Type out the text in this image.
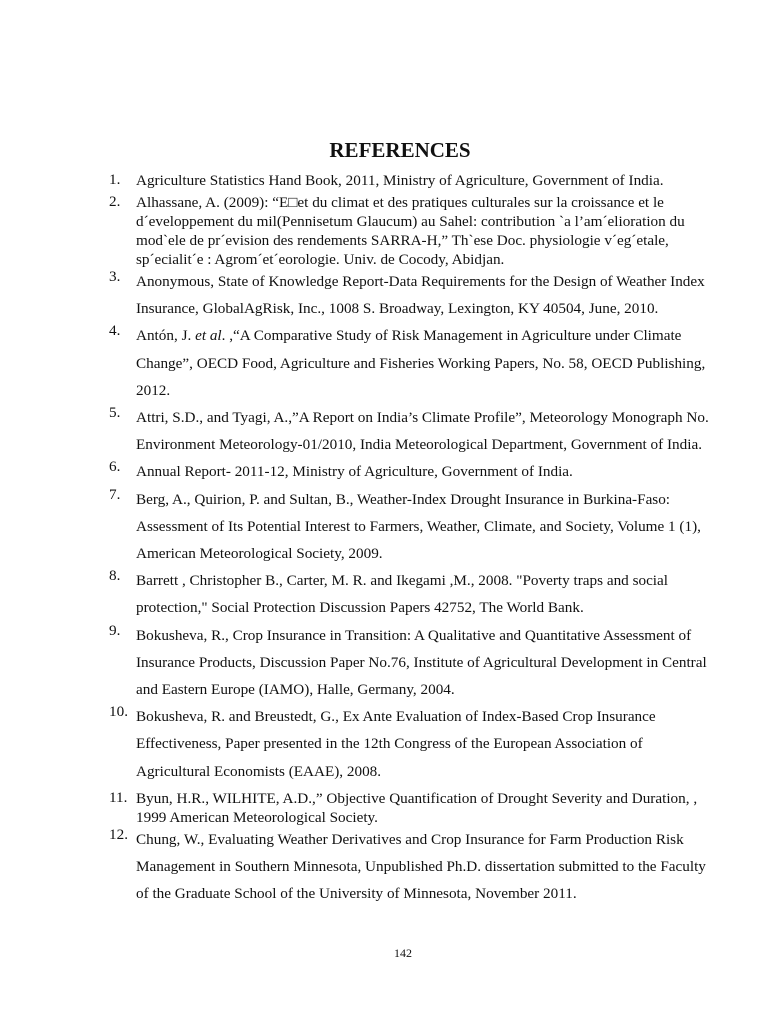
REFERENCES
1.	Agriculture Statistics Hand Book, 2011, Ministry of Agriculture, Government of India.
2.	Alhassane, A. (2009): “E□et du climat et des pratiques culturales sur la croissance et le
d´eveloppement du mil(Pennisetum Glaucum) au Sahel: contribution `a l’am´elioration du
mod`ele de pr´evision des rendements SARRA-H,” Th`ese Doc. physiologie v´eg´etale,
sp´ecialit´e : Agrom´et´eorologie. Univ. de Cocody, Abidjan.
3.	Anonymous, State of Knowledge Report-Data Requirements for the Design of Weather Index
Insurance, GlobalAgRisk, Inc., 1008 S. Broadway, Lexington, KY 40504, June, 2010.
4.	Antón, J. et al. ,“A Comparative Study of Risk Management in Agriculture under Climate
Change”, OECD Food, Agriculture and Fisheries Working Papers, No. 58, OECD Publishing,
2012.
5.	Attri, S.D., and Tyagi, A.,”A Report on India’s Climate Profile”, Meteorology Monograph No.
Environment Meteorology-01/2010, India Meteorological Department, Government of India.
6.	Annual Report- 2011-12, Ministry of Agriculture, Government of India.
7.	Berg, A., Quirion, P. and Sultan, B., Weather-Index Drought Insurance in Burkina-Faso:
Assessment of Its Potential Interest to Farmers, Weather, Climate, and Society, Volume 1 (1),
American Meteorological Society, 2009.
8.	Barrett , Christopher B., Carter, M. R. and Ikegami ,M., 2008. "Poverty traps and social
protection," Social Protection Discussion Papers 42752, The World Bank.
9.	Bokusheva, R., Crop Insurance in Transition: A Qualitative and Quantitative Assessment of
Insurance Products, Discussion Paper No.76, Institute of Agricultural Development in Central
and Eastern Europe (IAMO), Halle, Germany, 2004.
10. Bokusheva, R. and Breustedt, G., Ex Ante Evaluation of Index-Based Crop Insurance
Effectiveness, Paper presented in the 12th Congress of the European Association of
Agricultural Economists (EAAE), 2008.
11. Byun, H.R., WILHITE, A.D.,” Objective Quantification of Drought Severity and Duration, ,
1999 American Meteorological Society.
12. Chung, W., Evaluating Weather Derivatives and Crop Insurance for Farm Production Risk
Management in Southern Minnesota, Unpublished Ph.D. dissertation submitted to the Faculty
of the Graduate School of the University of Minnesota, November 2011.
142
